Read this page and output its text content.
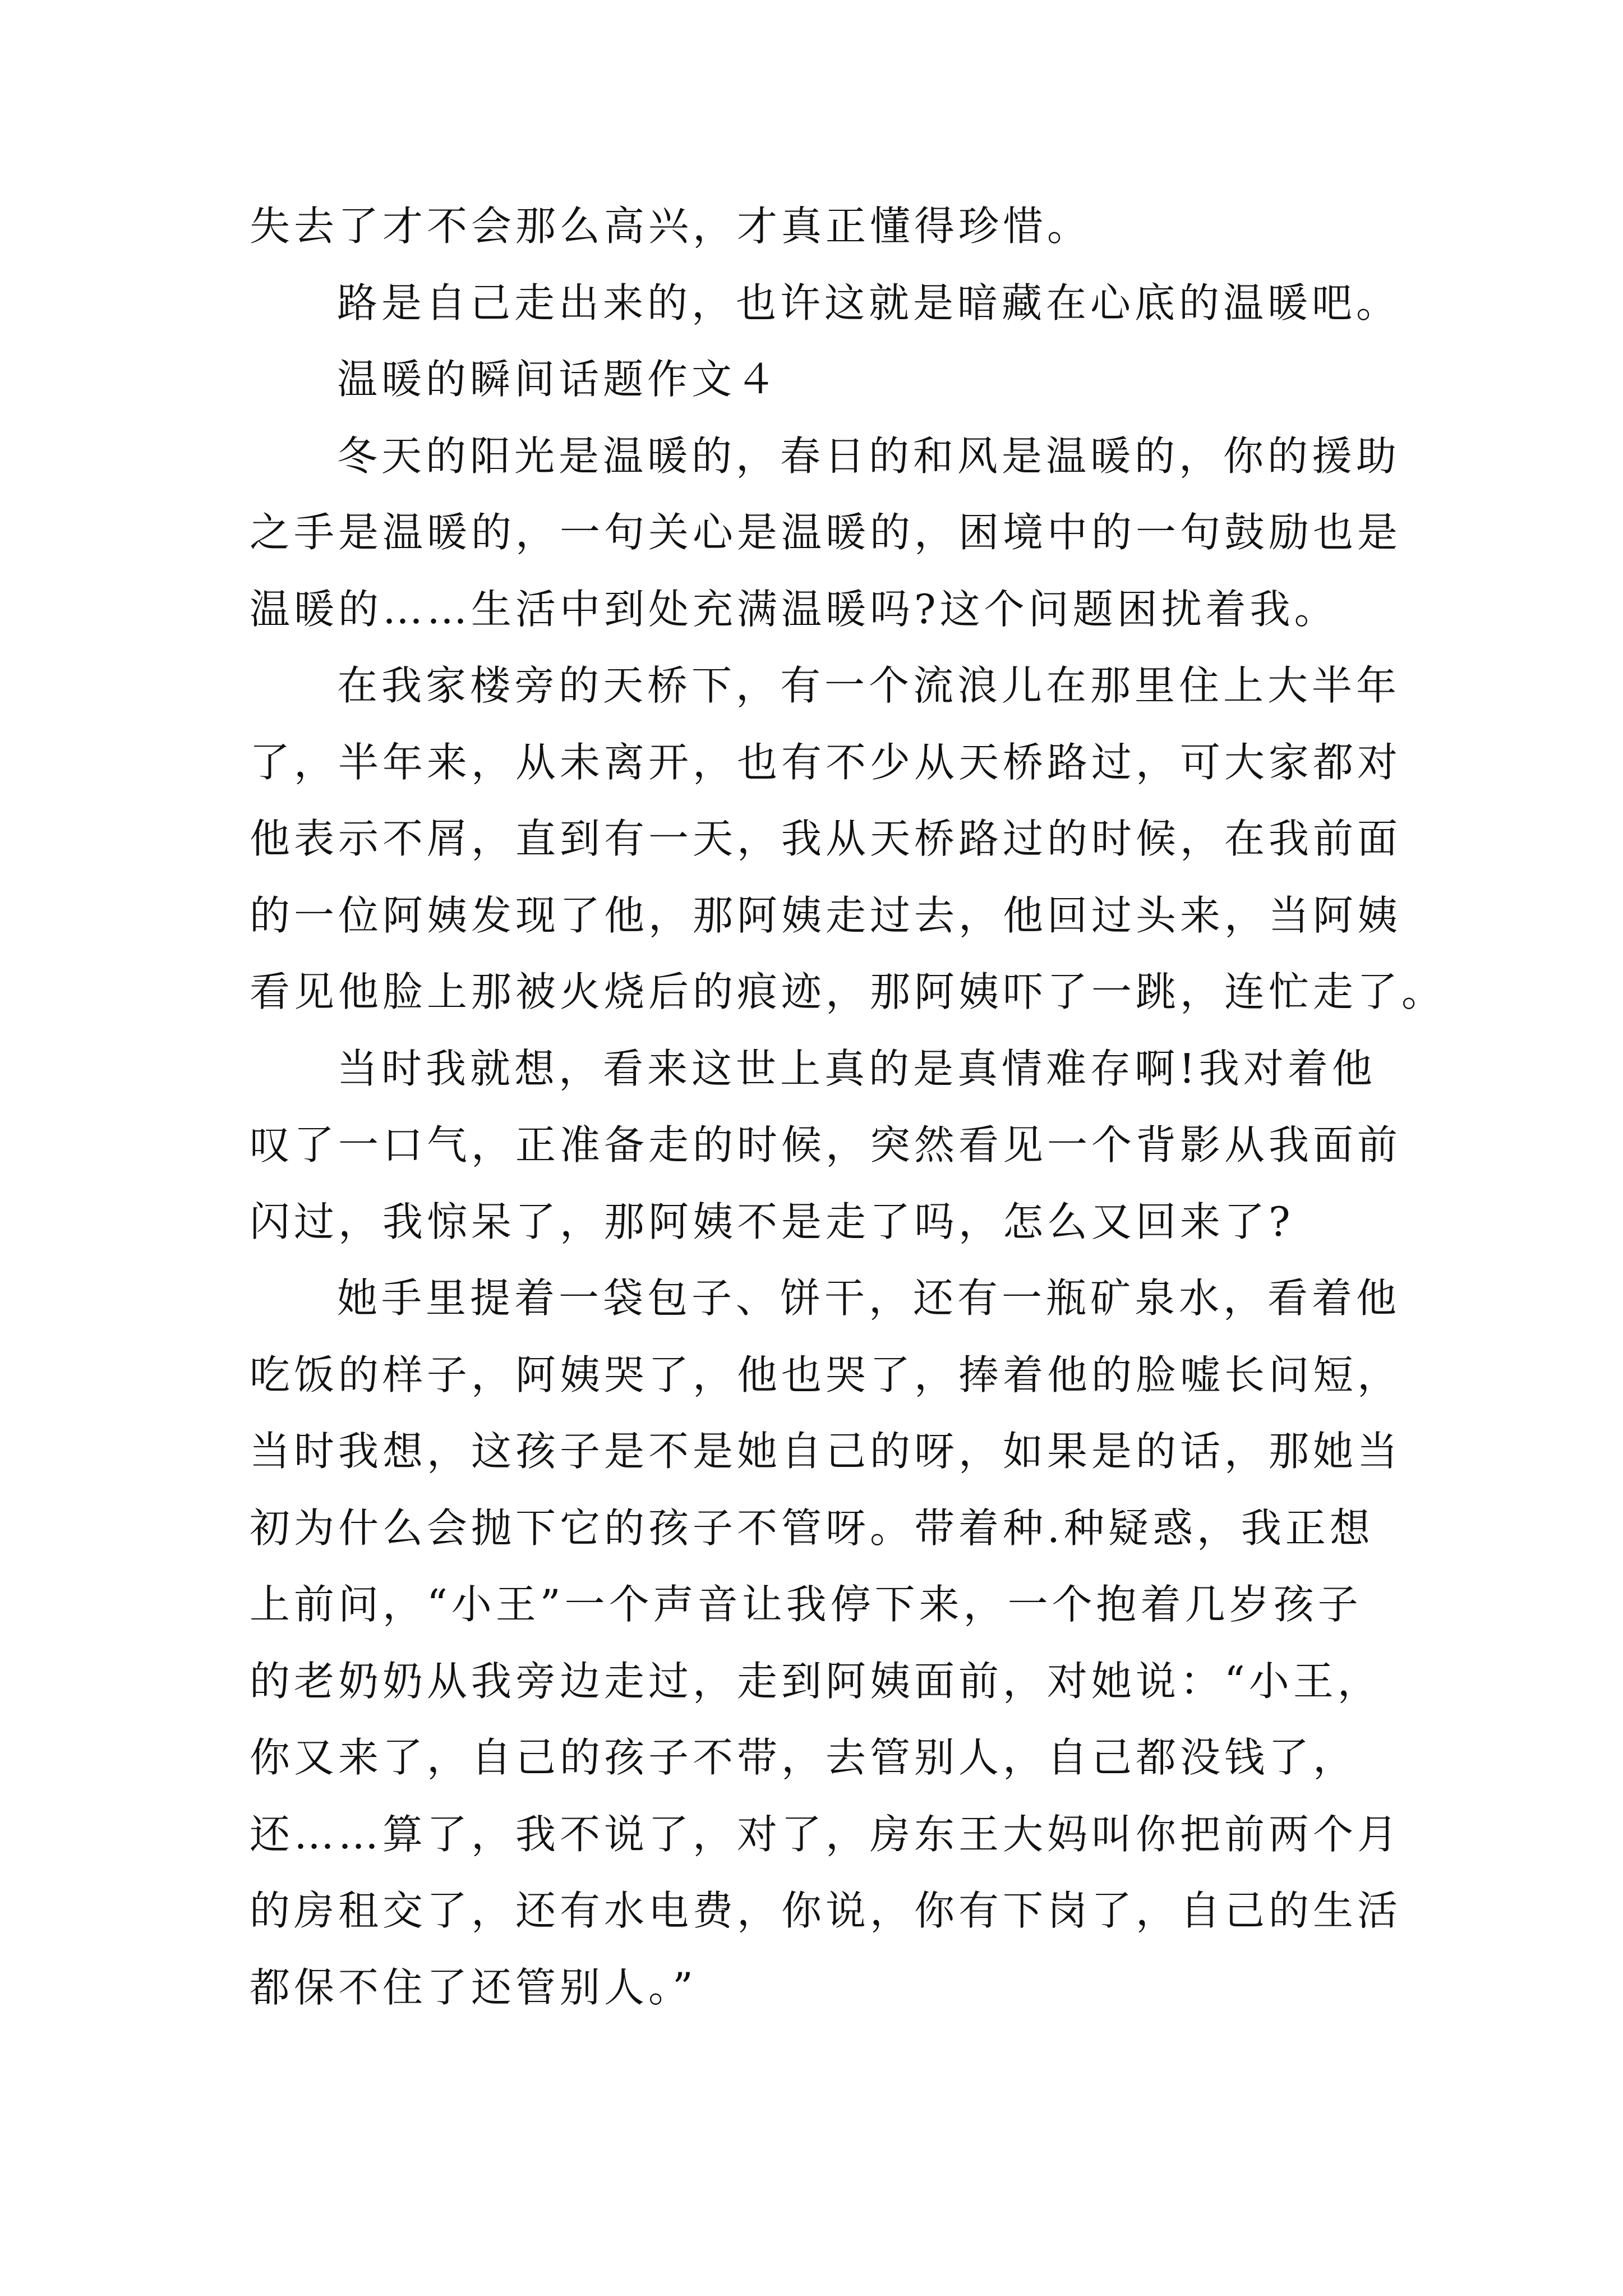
失去了才不会那么高兴，才真正懂得珍惜。
路是自己走出来的，也许这就是暗藏在心底的温暖吧。
温暖的瞬间话题作文４
冬天的阳光是温暖的，春日的和风是温暖的，你的援助
之手是温暖的，一句关心是温暖的，困境中的一句鼓励也是
温暖的……生活中到处充满温暖吗?这个问题困扰着我。
在我家楼旁的天桥下，有一个流浪儿在那里住上大半年
了，半年来，从未离开，也有不少从天桥路过，可大家都对
他表示不屑，直到有一天，我从天桥路过的时候，在我前面
的一位阿姨发现了他，那阿姨走过去，他回过头来，当阿姨
看见他脸上那被火烧后的痕迹，那阿姨吓了一跳，连忙走了。
当时我就想，看来这世上真的是真情难存啊!我对着他
叹了一口气，正准备走的时候，突然看见一个背影从我面前
闪过，我惊呆了，那阿姨不是走了吗，怎么又回来了?
她手里提着一袋包子、饼干，还有一瓶矿泉水，看着他
吃饭的样子，阿姨哭了，他也哭了，捧着他的脸嘘长问短，
当时我想，这孩子是不是她自己的呀，如果是的话，那她当
初为什么会抛下它的孩子不管呀。带着种.种疑惑，我正想
上前问，“小王”一个声音让我停下来，一个抱着几岁孩子
的老奶奶从我旁边走过，走到阿姨面前，对她说：“小王，
你又来了，自己的孩子不带，去管别人，自己都没钱了，
还……算了，我不说了，对了，房东王大妈叫你把前两个月
的房租交了，还有水电费，你说，你有下岗了，自己的生活
都保不住了还管别人。”
